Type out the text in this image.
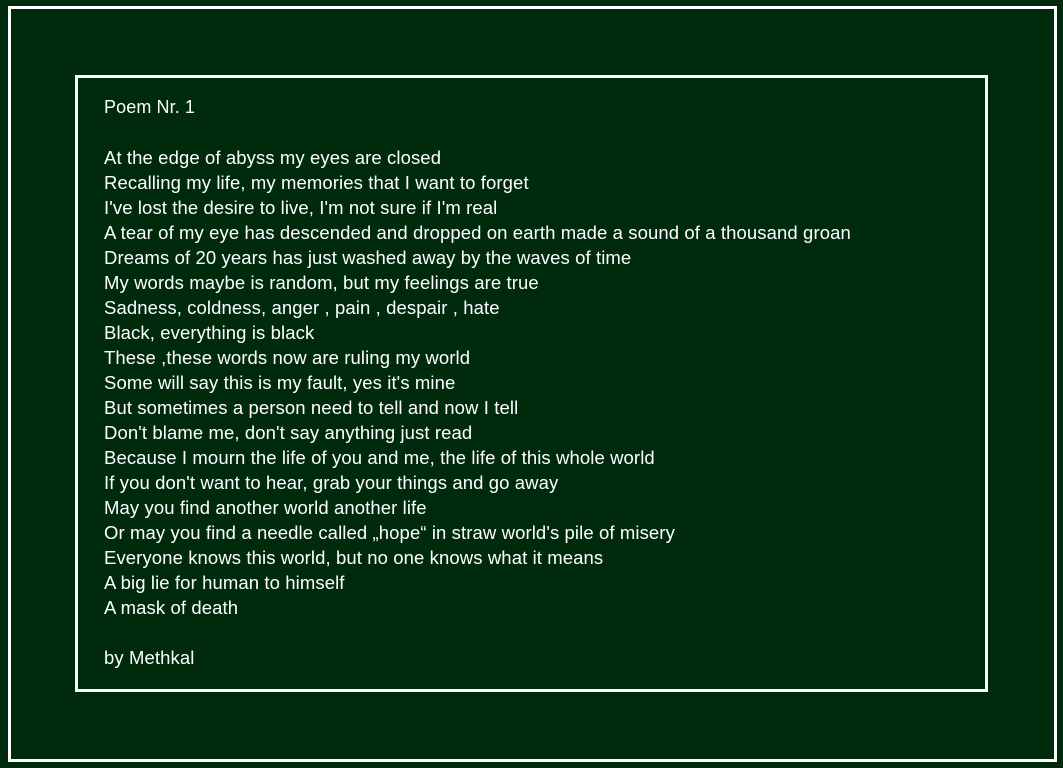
Poem Nr. 1
At the edge of abyss my eyes are closed
Recalling my life, my memories that I want to forget
I've lost the desire to live, I'm not sure if I'm real
A tear of my eye has descended and dropped on earth made a sound of a thousand groan
Dreams of 20 years has just washed away by the waves of time
My words maybe is random, but my feelings are true
Sadness, coldness, anger , pain , despair , hate
Black, everything is black
These ,these words now are ruling my world
Some will say this is my fault, yes it's mine
But sometimes a person need to tell and now I tell
Don't blame me, don't say anything just read
Because I mourn the life of you and me, the life of this whole world
If you don't want to hear, grab your things and go away
May you find another world another life
Or may you find a needle called „hope“ in straw world's pile of misery
Everyone knows this world, but no one knows what it means
A big lie for human to himself
A mask of death
by Methkal
